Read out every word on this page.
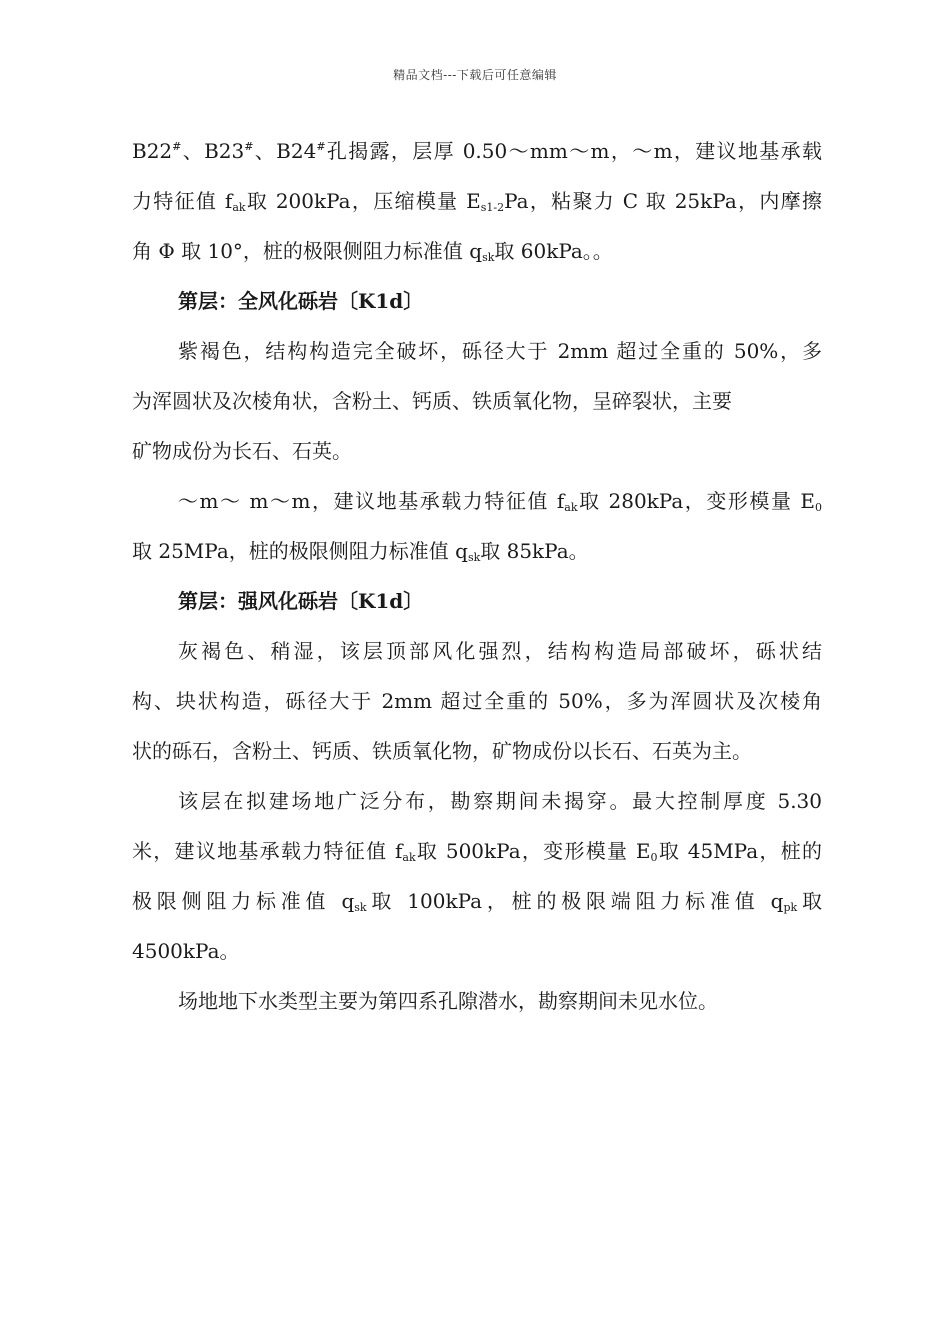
精品文档---下载后可任意编辑
B22#、B23#、B24#孔揭露，层厚 0.50～mm～m，～m，建议地基承载
力特征值 $f_{ak}$取 200kPa，压缩模量 $E_{s1-2}Pa$，粘聚力 C 取 25kPa，内摩擦
角 Φ 取 10°，桩的极限侧阻力标准值 $q_{sk}$取 60kPa。。
第层：全风化砾岩〔K1d〕
紫褐色，结构构造完全破坏，砾径大于 2mm 超过全重的 50%，多
为浑圆状及次棱角状，含粉土、钙质、铁质氧化物，呈碎裂状，主要
矿物成份为长石、石英。
～m～ m～m，建议地基承载力特征值 $f_{ak}$取 280kPa，变形模量 $E_0$
取 25MPa，桩的极限侧阻力标准值 $q_{sk}$取 85kPa。
第层：强风化砾岩〔K1d〕
灰褐色、稍湿，该层顶部风化强烈，结构构造局部破坏，砾状结
构、块状构造，砾径大于 2mm 超过全重的 50%，多为浑圆状及次棱角
状的砾石，含粉土、钙质、铁质氧化物，矿物成份以长石、石英为主。
该层在拟建场地广泛分布，勘察期间未揭穿。最大控制厚度 5.30
米，建议地基承载力特征值 $f_{ak}$取 500kPa，变形模量 $E_0$取 45MPa，桩的
极限侧阻力标准值 $q_{sk}$取 100kPa，桩的极限端阻力标准值 $q_{pk}$取
4500kPa。
场地地下水类型主要为第四系孔隙潜水，勘察期间未见水位。
